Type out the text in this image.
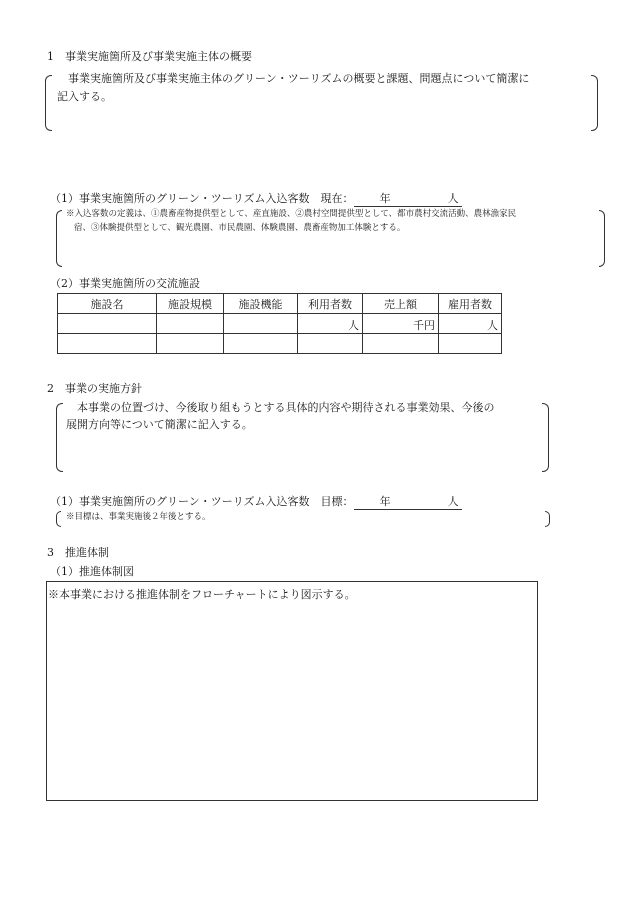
1　事業実施箇所及び事業実施主体の概要
　事業実施箇所及び事業実施主体のグリーン・ツーリズムの概要と課題、問題点について簡潔に
記入する。
（1）事業実施箇所のグリーン・ツーリズム入込客数　現在： 年	人
※入込客数の定義は、①農畜産物提供型として、産直施設、②農村空間提供型として、都市農村交流活動、農林漁家民
宿、③体験提供型として、観光農園、市民農園、体験農園、農畜産物加工体験とする。
（2）事業実施箇所の交流施設
施設名	施設規模	施設機能	利用者数	売上額	雇用者数
			人	千円	人

2　事業の実施方針
　本事業の位置づけ、今後取り組もうとする具体的内容や期待される事業効果、今後の
展開方向等について簡潔に記入する。
（1）事業実施箇所のグリーン・ツーリズム入込客数　目標： 年	人
※目標は、事業実施後２年後とする。
3　推進体制
（1）推進体制図
※本事業における推進体制をフローチャートにより図示する。
